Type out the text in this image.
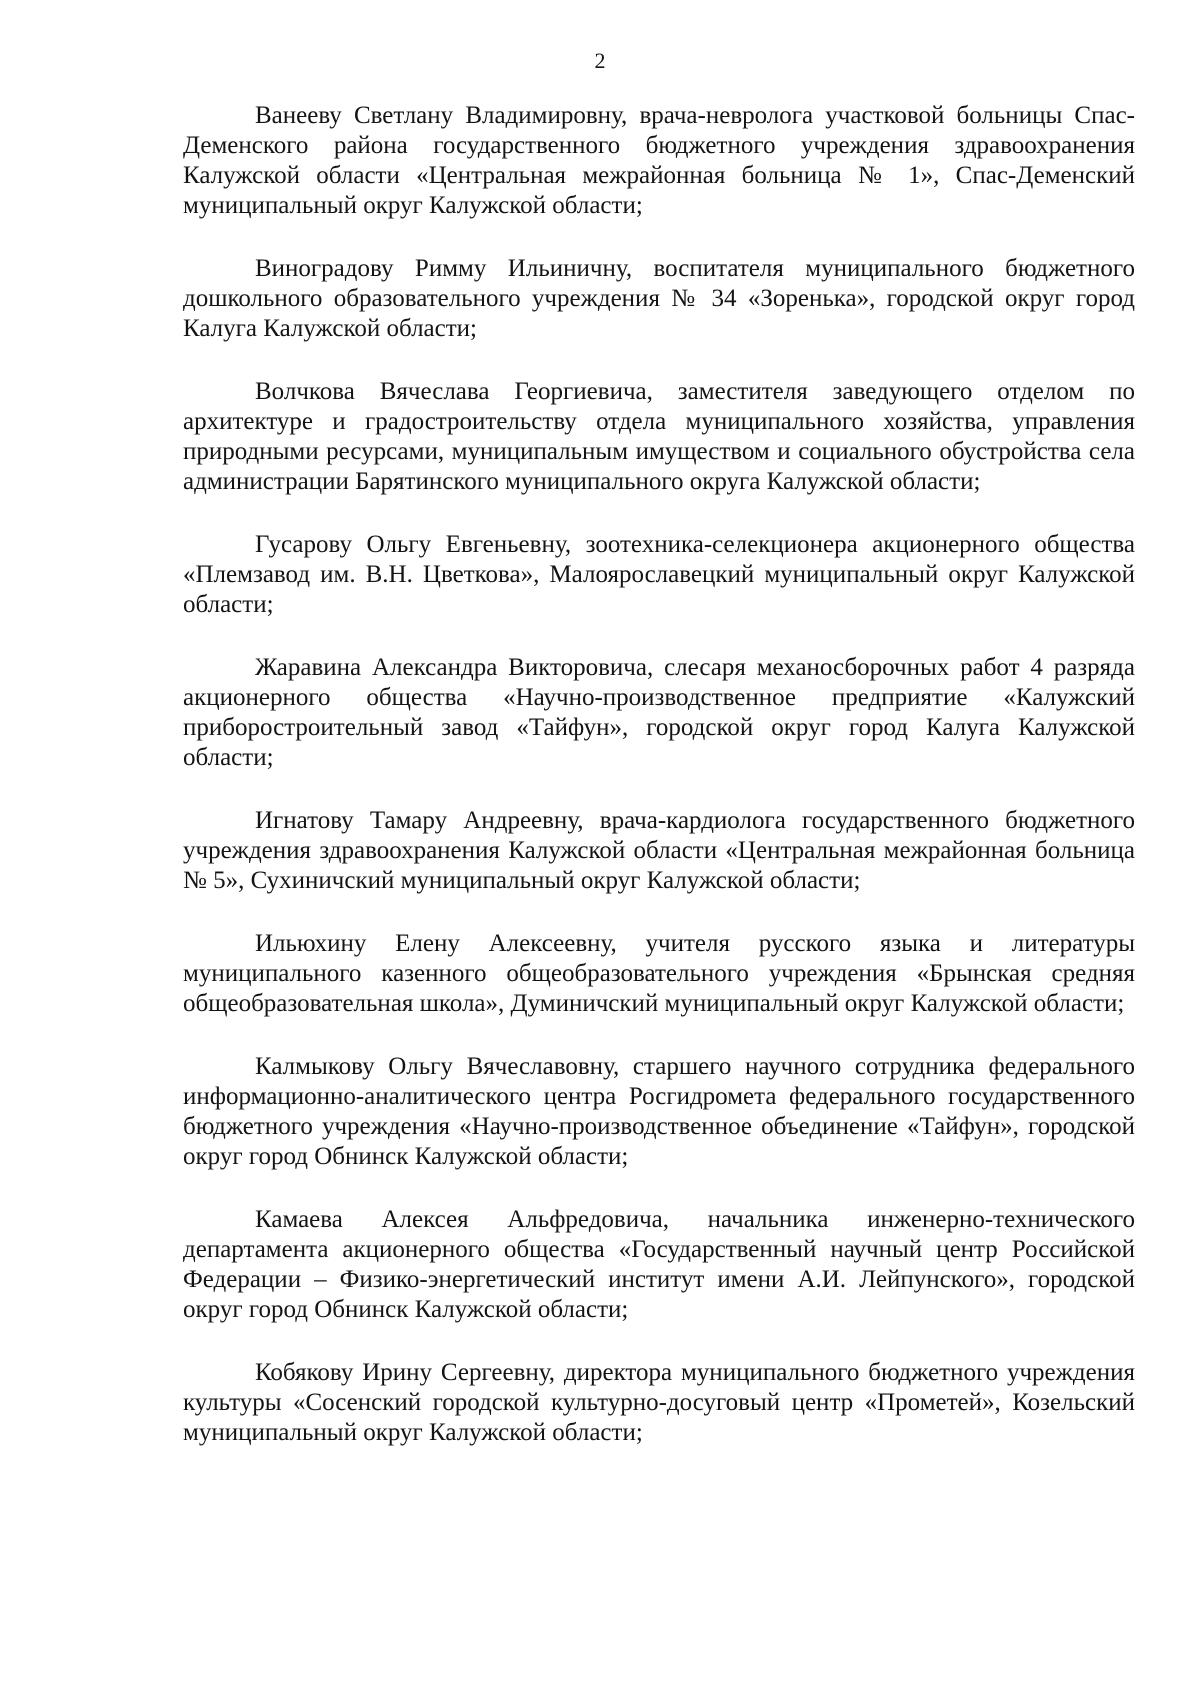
2

Ванееву Светлану Владимировну, врача-невролога участковой больницы Спас-Деменского района государственного бюджетного учреждения здравоохранения Калужской области «Центральная межрайонная больница № 1», Спас-Деменский муниципальный округ Калужской области;

Виноградову Римму Ильиничну, воспитателя муниципального бюджетного дошкольного образовательного учреждения № 34 «Зоренька», городской округ город Калуга Калужской области;

Волчкова Вячеслава Георгиевича, заместителя заведующего отделом по архитектуре и градостроительству отдела муниципального хозяйства, управления природными ресурсами, муниципальным имуществом и социального обустройства села администрации Барятинского муниципального округа Калужской области;

Гусарову Ольгу Евгеньевну, зоотехника-селекционера акционерного общества «Племзавод им. В.Н. Цветкова», Малоярославецкий муниципальный округ Калужской области;

Жаравина Александра Викторовича, слесаря механосборочных работ 4 разряда акционерного общества «Научно-производственное предприятие «Калужский приборостроительный завод «Тайфун», городской округ город Калуга Калужской области;

Игнатову Тамару Андреевну, врача-кардиолога государственного бюджетного учреждения здравоохранения Калужской области «Центральная межрайонная больница № 5», Сухиничский муниципальный округ Калужской области;

Ильюхину Елену Алексеевну, учителя русского языка и литературы муниципального казенного общеобразовательного учреждения «Брынская средняя общеобразовательная школа», Думиничский муниципальный округ Калужской области;

Калмыкову Ольгу Вячеславовну, старшего научного сотрудника федерального информационно-аналитического центра Росгидромета федерального государственного бюджетного учреждения «Научно-производственное объединение «Тайфун», городской округ город Обнинск Калужской области;

Камаева Алексея Альфредовича, начальника инженерно-технического департамента акционерного общества «Государственный научный центр Российской Федерации – Физико-энергетический институт имени А.И. Лейпунского», городской округ город Обнинск Калужской области;

Кобякову Ирину Сергеевну, директора муниципального бюджетного учреждения культуры «Сосенский городской культурно-досуговый центр «Прометей», Козельский муниципальный округ Калужской области;
